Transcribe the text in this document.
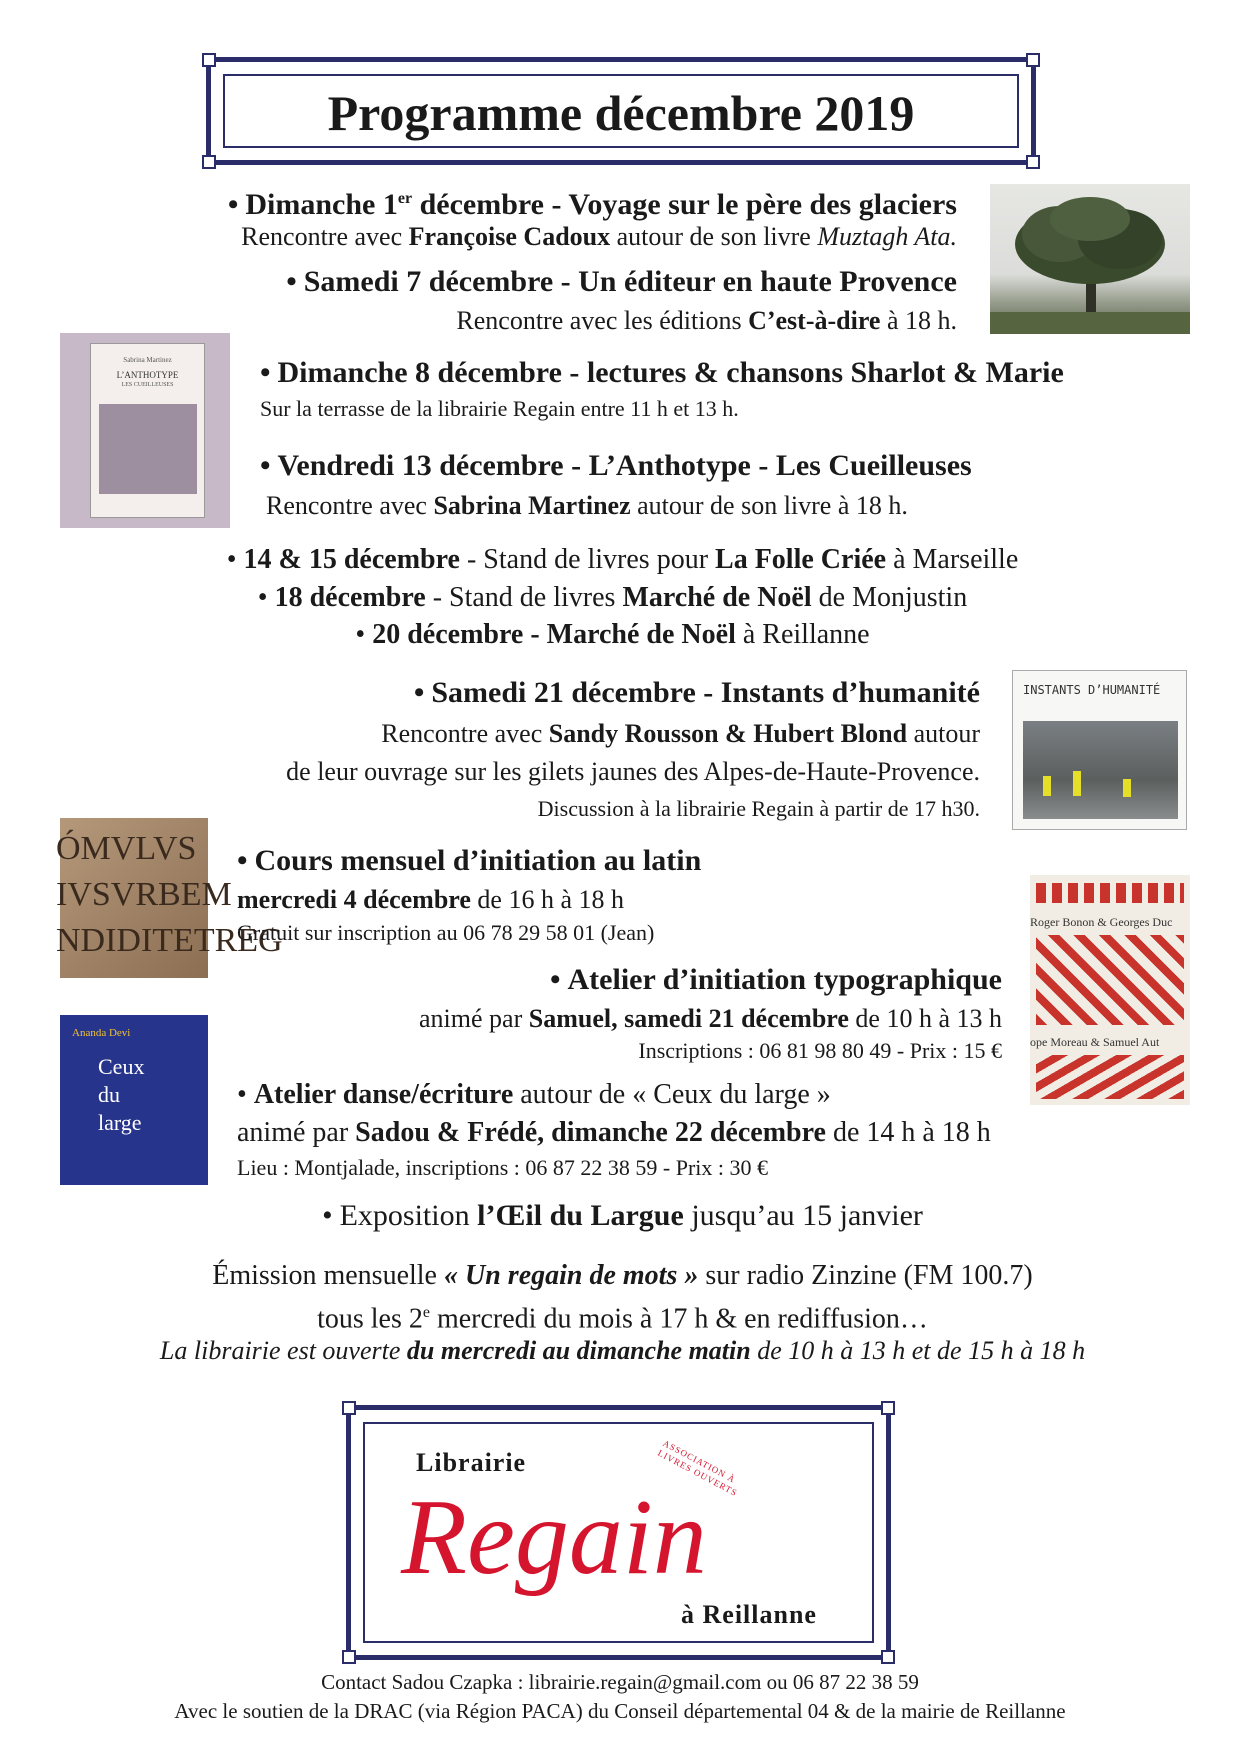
Programme décembre 2019
• Dimanche 1er décembre - Voyage sur le père des glaciers
Rencontre avec Françoise Cadoux autour de son livre Muztagh Ata.
• Samedi 7 décembre - Un éditeur en haute Provence
Rencontre avec les éditions C’est-à-dire à 18 h.
Sabrina Martinez
L’ANTHOTYPE
LES CUEILLEUSES
•	Dimanche 8 décembre - lectures & chansons Sharlot & Marie
Sur la terrasse de la librairie Regain entre 11 h et 13 h.
• Vendredi 13 décembre - L’Anthotype - Les Cueilleuses
Rencontre avec Sabrina Martinez autour de son livre à 18 h.
• 14 & 15 décembre - Stand de livres pour La Folle Criée à Marseille
• 18 décembre - Stand de livres Marché de Noël de Monjustin
• 20 décembre - Marché de Noël à Reillanne
• Samedi 21 décembre - Instants d’humanité
Rencontre avec Sandy Rousson & Hubert Blond autour
de leur ouvrage sur les gilets jaunes des Alpes-de-Haute-Provence.
Discussion à la librairie Regain à partir de 17 h30.
INSTANTS D’HUMANITÉ
ÓMVLVS
IVSVRBEM
NDIDITETREG
• Cours mensuel d’initiation au latin
mercredi 4 décembre de 16 h à 18 h
Gratuit sur inscription au 06 78 29 58 01 (Jean)	Roger Bonon & Georges Duc
ope Moreau & Samuel Aut
• Atelier d’initiation typographique
animé par Samuel, samedi 21 décembre de 10 h à 13 h
Inscriptions : 06 81 98 80 49 - Prix : 15 €
Ananda Devi
Ceux
du
large
• Atelier danse/écriture autour de « Ceux du large »
animé par Sadou & Frédé, dimanche 22 décembre de 14 h à 18 h
Lieu : Montjalade, inscriptions : 06 87 22 38 59 - Prix : 30 €
• Exposition l’Œil du Largue jusqu’au 15 janvier
Émission mensuelle « Un regain de mots » sur radio Zinzine (FM 100.7)
tous les 2e mercredi du mois à 17 h & en rediffusion…
La librairie est ouverte du mercredi au dimanche matin de 10 h à 13 h et de 15 h à 18 h
Librairie
Regain
à Reillanne
ASSOCIATION À LIVRES OUVERTS
Contact Sadou Czapka : librairie.regain@gmail.com ou 06 87 22 38 59
Avec le soutien de la DRAC (via Région PACA) du Conseil départemental 04 & de la mairie de Reillanne
